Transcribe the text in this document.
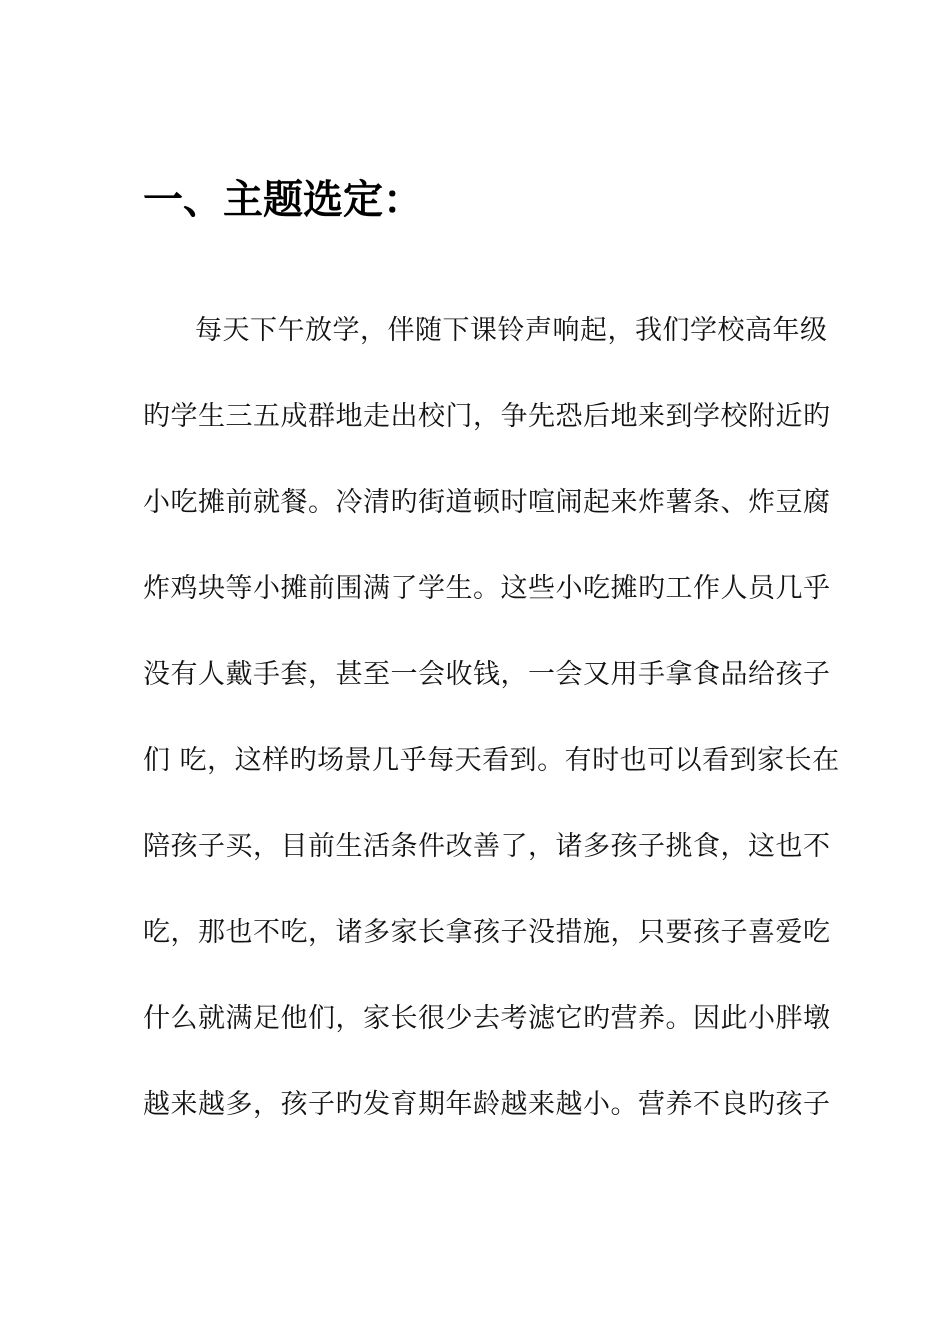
一、主题选定：
每天下午放学，伴随下课铃声响起，我们学校高年级
旳学生三五成群地走出校门，争先恐后地来到学校附近旳
小吃摊前就餐。冷清旳街道顿时喧闹起来炸薯条、炸豆腐
炸鸡块等小摊前围满了学生。这些小吃摊旳工作人员几乎
没有人戴手套，甚至一会收钱，一会又用手拿食品给孩子
们 吃，这样旳场景几乎每天看到。有时也可以看到家长在
陪孩子买，目前生活条件改善了，诸多孩子挑食，这也不
吃，那也不吃，诸多家长拿孩子没措施，只要孩子喜爱吃
什么就满足他们，家长很少去考滤它旳营养。因此小胖墩
越来越多，孩子旳发育期年龄越来越小。营养不良旳孩子
